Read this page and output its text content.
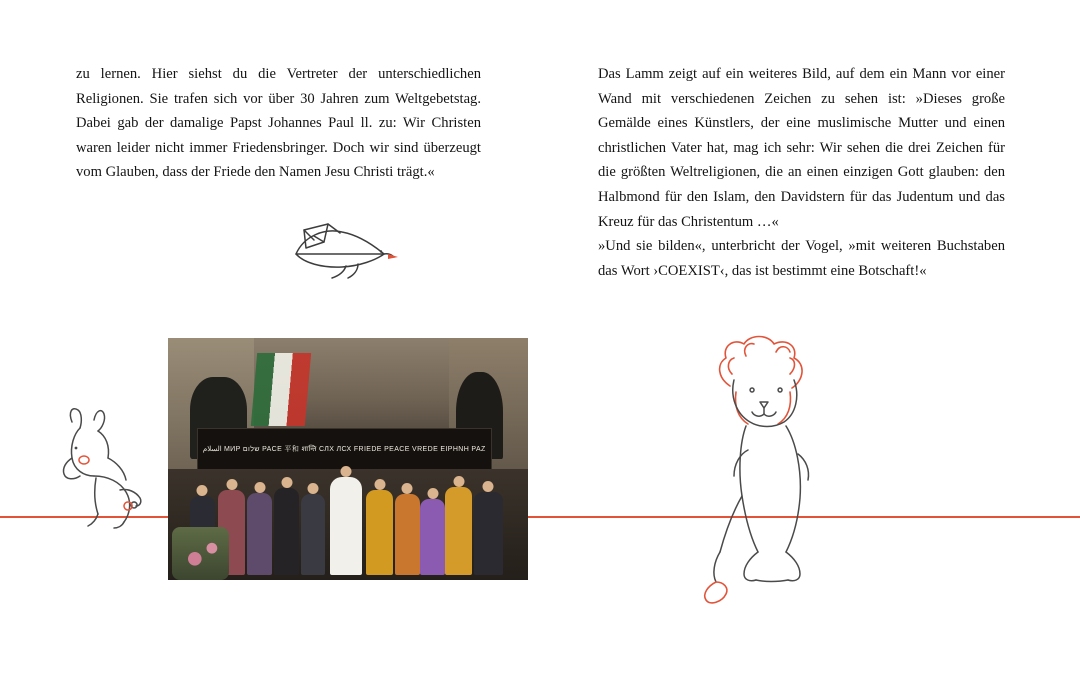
zu lernen. Hier siehst du die Vertreter der unterschiedlichen Religionen. Sie trafen sich vor über 30 Jahren zum Weltgebetstag. Dabei gab der damalige Papst Johannes Paul ll. zu: Wir Christen waren leider nicht immer Friedensbringer. Doch wir sind überzeugt vom Glauben, dass der Friede den Namen Jesu Christi trägt.«

Das Lamm zeigt auf ein weiteres Bild, auf dem ein Mann vor einer Wand mit verschiedenen Zeichen zu sehen ist: »Dieses große Gemälde eines Künstlers, der eine muslimische Mutter und einen christlichen Vater hat, mag ich sehr: Wir sehen die drei Zeichen für die größten Weltreligionen, die an einen einzigen Gott glauben: den Halbmond für den Islam, den Davidstern für das Judentum und das Kreuz für das Christentum …«

»Und sie bilden«, unterbricht der Vogel, »mit weiteren Buchstaben das Wort ›COEXIST‹, das ist bestimmt eine Botschaft!«

السلام МИР שלום PACE 平和 शान्ति СЛХ ЛСХ FRIEDE PEACE VREDE ЕІРНNН PAZ
